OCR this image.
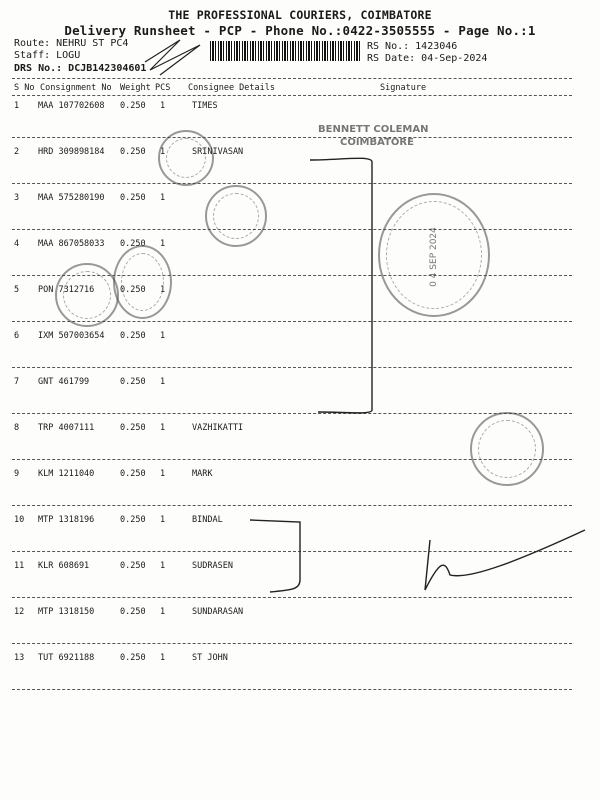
THE PROFESSIONAL COURIERS, COIMBATORE
Delivery Runsheet - PCP - Phone No.:0422-3505555 - Page No.:1
Route: NEHRU ST PC4
Staff: LOGU
DRS No.: DCJB142304601
RS No.: 1423046
RS Date: 04-Sep-2024
S No Consignment No Weight PCS Consignee Details	Signature
1 MAA 107702608 0.250 1	TIMES
2 HRD 309898184 0.250 1	SRINIVASAN
3 MAA 575280190 0.250 1
4 MAA 867058033 0.250 1
5 PON 7312716	0.250 1
6 IXM 507003654 0.250 1
7 GNT 461799	0.250 1
8 TRP 4007111	0.250 1	VAZHIKATTI
9 KLM 1211040	0.250 1	MARK
10 MTP 1318196	0.250 1	BINDAL
11 KLR 608691	0.250 1	SUDRASEN
12 MTP 1318150	0.250 1	SUNDARASAN
13 TUT 6921188	0.250 1	ST JOHN
BENNETT COLEMAN
COIMBATORE
0 4 SEP 2024
